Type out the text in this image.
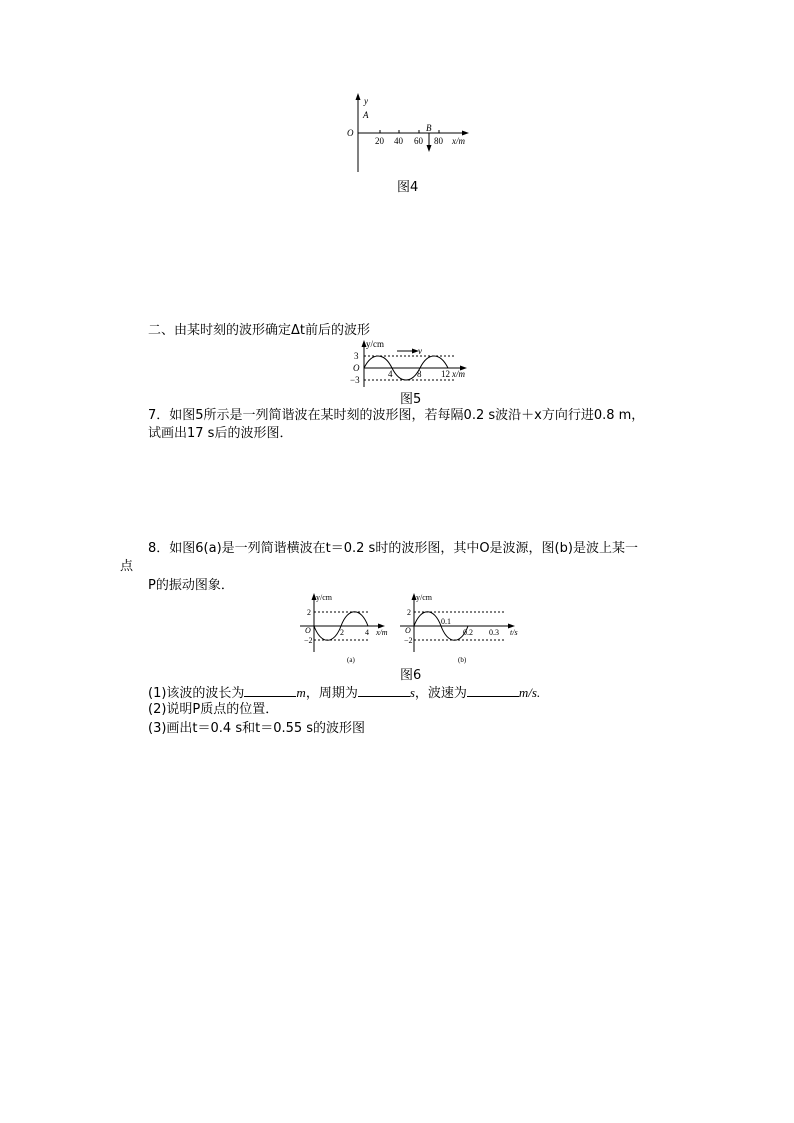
y
A
O	B
20 40 60 80 x/m
图4
二、由某时刻的波形确定Δt前后的波形
y/cm
v
3
O
−3
4	8 12 x/m
图5
7．如图5所示是一列简谐波在某时刻的波形图，若每隔0.2 s波沿＋x方向行进0.8 m，
试画出17 s后的波形图．
8．如图6(a)是一列简谐横波在t＝0.2 s时的波形图，其中O是波源，图(b)是波上某一
点
P的振动图象．
y/cm
2
O
−2
2	4 x/m
(a)
y/cm
2
O
−2
0.1
0.2 0.3 t/s
(b)
图6
(1)该波的波长为	m，周期为	s，波速为	m/s.
(2)说明P质点的位置．
(3)画出t＝0.4 s和t＝0.55 s的波形图
